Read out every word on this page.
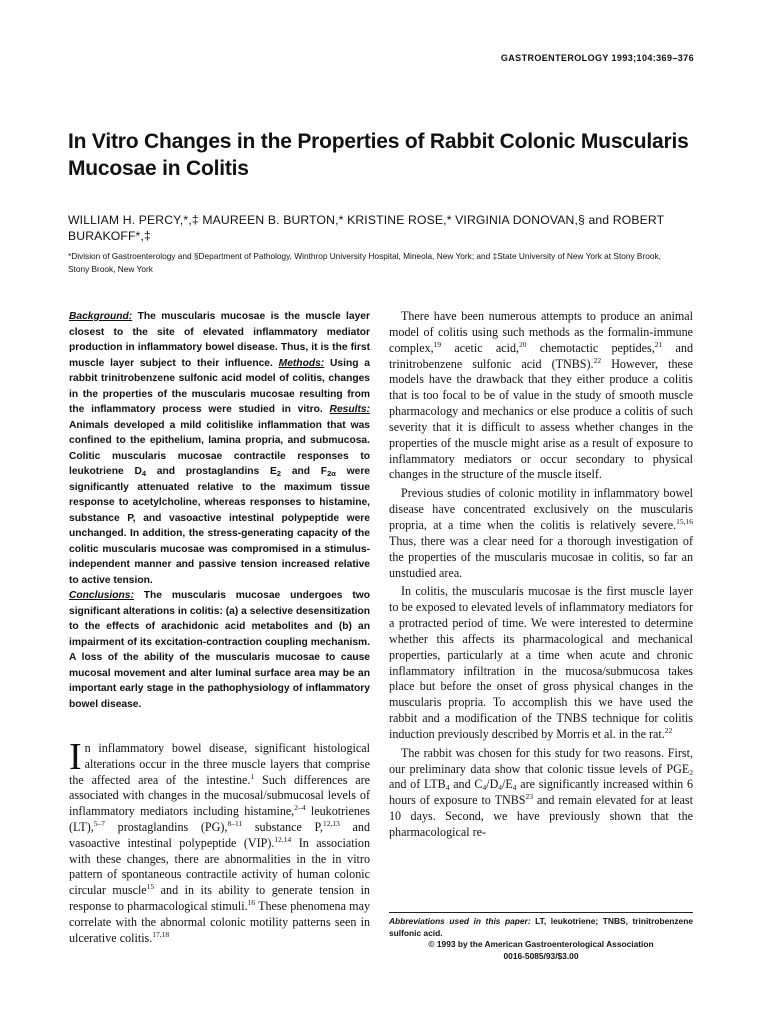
GASTROENTEROLOGY 1993;104:369–376
In Vitro Changes in the Properties of Rabbit Colonic Muscularis Mucosae in Colitis
WILLIAM H. PERCY,*,‡ MAUREEN B. BURTON,* KRISTINE ROSE,* VIRGINIA DONOVAN,§ and ROBERT BURAKOFF*,‡
*Division of Gastroenterology and §Department of Pathology, Winthrop University Hospital, Mineola, New York; and ‡State University of New York at Stony Brook, Stony Brook, New York

Background: The muscularis mucosae is the muscle layer closest to the site of elevated inflammatory mediator production in inflammatory bowel disease. Thus, it is the first muscle layer subject to their influence. Methods: Using a rabbit trinitrobenzene sulfonic acid model of colitis, changes in the properties of the muscularis mucosae resulting from the inflammatory process were studied in vitro. Results: Animals developed a mild colitislike inflammation that was confined to the epithelium, lamina propria, and submucosa. Colitic muscularis mucosae contractile responses to leukotriene $D_4$ and prostaglandins $E_2$ and $F_{2\alpha}$ were significantly attenuated relative to the maximum tissue response to acetylcholine, whereas responses to histamine, substance P, and vasoactive intestinal polypeptide were unchanged. In addition, the stress-generating capacity of the colitic muscularis mucosae was compromised in a stimulus-independent manner and passive tension increased relative to active tension.
Conclusions: The muscularis mucosae undergoes two significant alterations in colitis: (a) a selective desensitization to the effects of arachidonic acid metabolites and (b) an impairment of its excitation-contraction coupling mechanism. A loss of the ability of the muscularis mucosae to cause mucosal movement and alter luminal surface area may be an important early stage in the pathophysiology of inflammatory bowel disease.

In inflammatory bowel disease, significant histological alterations occur in the three muscle layers that comprise the affected area of the intestine.$^1$ Such differences are associated with changes in the mucosal/submucosal levels of inflammatory mediators including histamine,$^{2-4}$ leukotrienes (LT),$^{5-7}$ prostaglandins (PG),$^{8-11}$ substance P,$^{12,13}$ and vasoactive intestinal polypeptide (VIP).$^{12,14}$ In association with these changes, there are abnormalities in the in vitro pattern of spontaneous contractile activity of human colonic circular muscle$^{15}$ and in its ability to generate tension in response to pharmacological stimuli.$^{16}$ These phenomena may correlate with the abnormal colonic motility patterns seen in ulcerative colitis.$^{17,18}$

There have been numerous attempts to produce an animal model of colitis using such methods as the formalin-immune complex,$^{19}$ acetic acid,$^{20}$ chemotactic peptides,$^{21}$ and trinitrobenzene sulfonic acid (TNBS).$^{22}$ However, these models have the drawback that they either produce a colitis that is too focal to be of value in the study of smooth muscle pharmacology and mechanics or else produce a colitis of such severity that it is difficult to assess whether changes in the properties of the muscle might arise as a result of exposure to inflammatory mediators or occur secondary to physical changes in the structure of the muscle itself.

Previous studies of colonic motility in inflammatory bowel disease have concentrated exclusively on the muscularis propria, at a time when the colitis is relatively severe.$^{15,16}$ Thus, there was a clear need for a thorough investigation of the properties of the muscularis mucosae in colitis, so far an unstudied area.

In colitis, the muscularis mucosae is the first muscle layer to be exposed to elevated levels of inflammatory mediators for a protracted period of time. We were interested to determine whether this affects its pharmacological and mechanical properties, particularly at a time when acute and chronic inflammatory infiltration in the mucosa/submucosa takes place but before the onset of gross physical changes in the muscularis propria. To accomplish this we have used the rabbit and a modification of the TNBS technique for colitis induction previously described by Morris et al. in the rat.$^{22}$

The rabbit was chosen for this study for two reasons. First, our preliminary data show that colonic tissue levels of $PGE_2$ and of $LTB_4$ and $C_4/D_4/E_4$ are significantly increased within 6 hours of exposure to TNBS$^{23}$ and remain elevated for at least 10 days. Second, we have previously shown that the pharmacological re-

Abbreviations used in this paper: LT, leukotriene; TNBS, trinitrobenzene sulfonic acid.
© 1993 by the American Gastroenterological Association
0016-5085/93/$3.00
